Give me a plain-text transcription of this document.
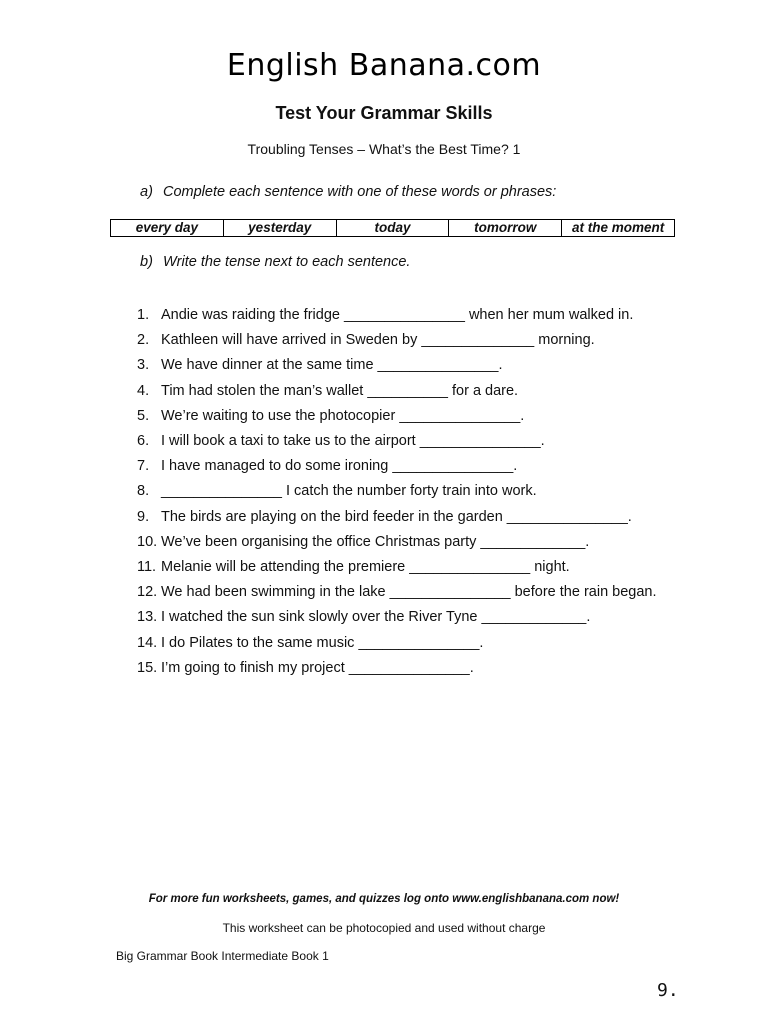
English Banana.com
Test Your Grammar Skills
Troubling Tenses – What’s the Best Time? 1
a) Complete each sentence with one of these words or phrases:
every day	yesterday	today	tomorrow	at the moment
b) Write the tense next to each sentence.
1. Andie was raiding the fridge _______________ when her mum walked in.
2. Kathleen will have arrived in Sweden by ______________ morning.
3. We have dinner at the same time _______________.
4. Tim had stolen the man’s wallet __________ for a dare.
5. We’re waiting to use the photocopier _______________.
6. I will book a taxi to take us to the airport _______________.
7. I have managed to do some ironing _______________.
8. _______________ I catch the number forty train into work.
9. The birds are playing on the bird feeder in the garden _______________.
10. We’ve been organising the office Christmas party _____________.
11. Melanie will be attending the premiere _______________ night.
12. We had been swimming in the lake _______________ before the rain began.
13. I watched the sun sink slowly over the River Tyne _____________.
14. I do Pilates to the same music _______________.
15. I’m going to finish my project _______________.
For more fun worksheets, games, and quizzes log onto www.englishbanana.com now!
This worksheet can be photocopied and used without charge
Big Grammar Book Intermediate Book 1
9.
